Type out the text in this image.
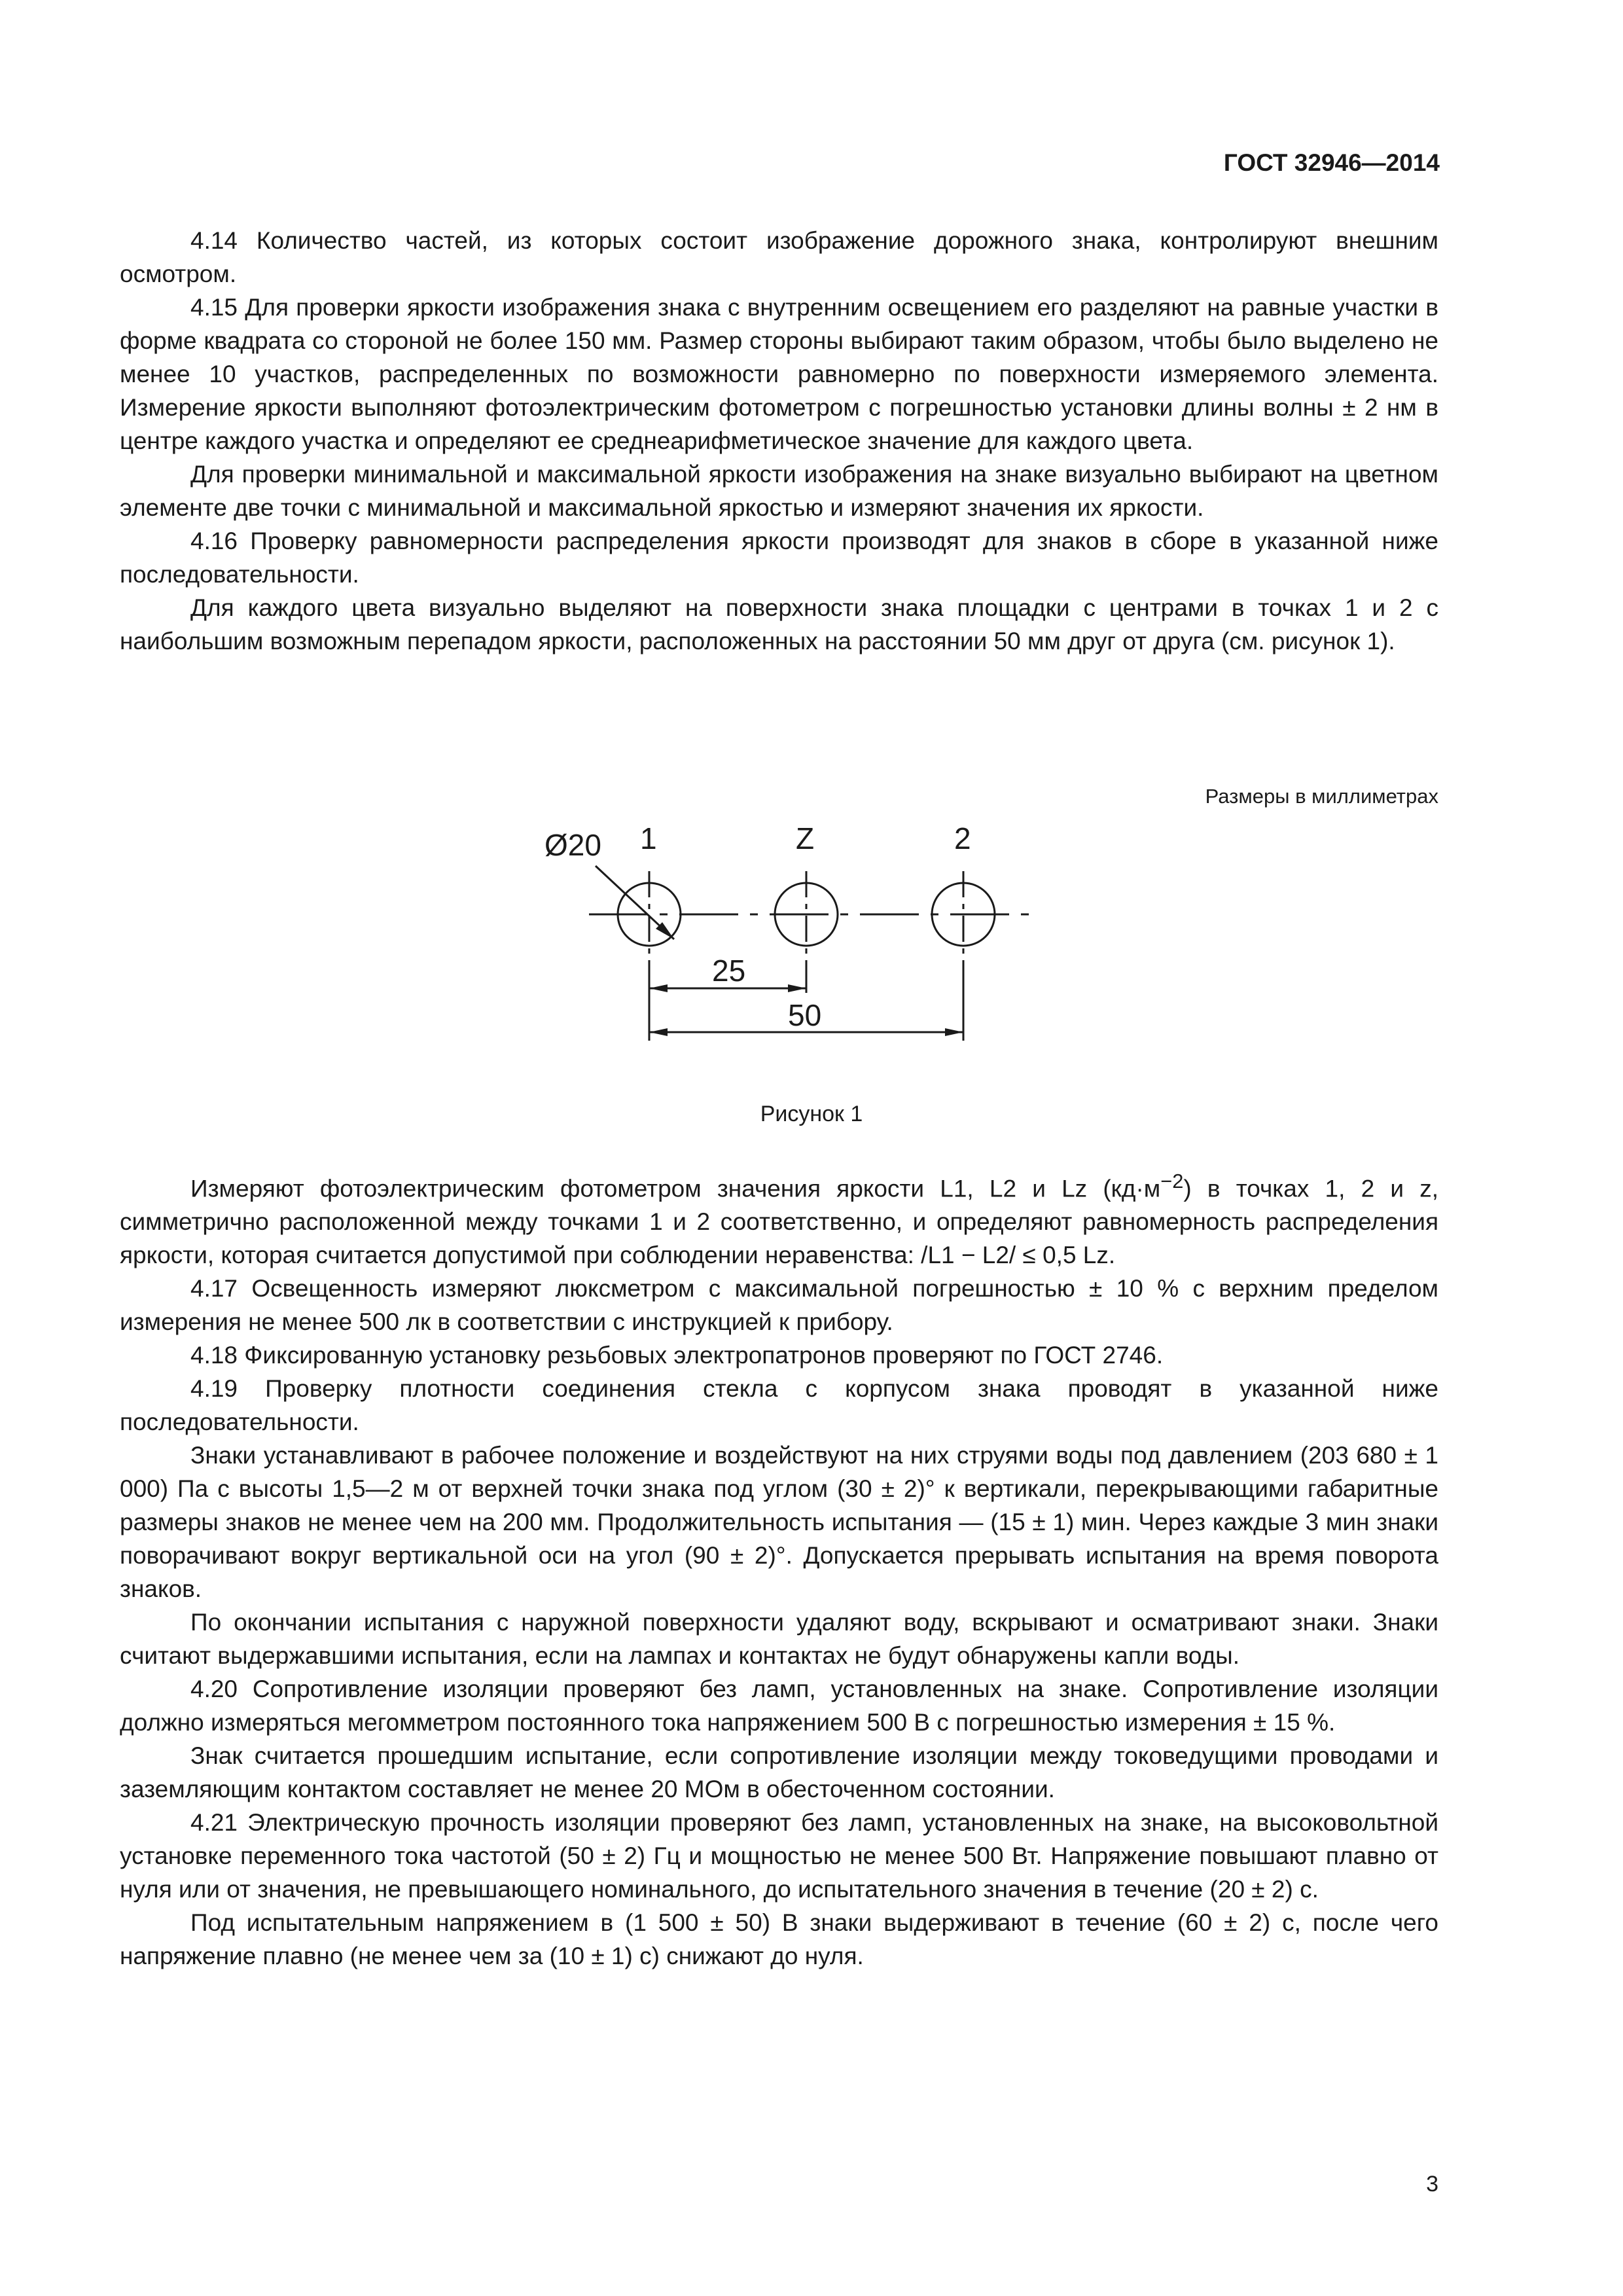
ГОСТ 32946—2014

4.14 Количество частей, из которых состоит изображение дорожного знака, контролируют внешним осмотром.

4.15 Для проверки яркости изображения знака с внутренним освещением его разделяют на равные участки в форме квадрата со стороной не более 150 мм. Размер стороны выбирают таким образом, чтобы было выделено не менее 10 участков, распределенных по возможности равномерно по поверхности измеряемого элемента. Измерение яркости выполняют фотоэлектрическим фотометром с погрешностью установки длины волны ± 2 нм в центре каждого участка и определяют ее среднеарифметическое значение для каждого цвета.

Для проверки минимальной и максимальной яркости изображения на знаке визуально выбирают на цветном элементе две точки с минимальной и максимальной яркостью и измеряют значения их яркости.

4.16 Проверку равномерности распределения яркости производят для знаков в сборе в указанной ниже последовательности.

Для каждого цвета визуально выделяют на поверхности знака площадки с центрами в точках 1 и 2 с наибольшим возможным перепадом яркости, расположенных на расстоянии 50 мм друг от друга (см. рисунок 1).

Размеры в миллиметрах
Ø20 1	Z	2
25
50
Рисунок 1

Измеряют фотоэлектрическим фотометром значения яркости L1, L2 и Lz $(кд\cdot м^{-2})$ в точках 1, 2 и z, симметрично расположенной между точками 1 и 2 соответственно, и определяют равномерность распределения яркости, которая считается допустимой при соблюдении неравенства: /L1 − L2/ ≤ 0,5 Lz.

4.17 Освещенность измеряют люксметром с максимальной погрешностью ± 10 % с верхним пределом измерения не менее 500 лк в соответствии с инструкцией к прибору.

4.18 Фиксированную установку резьбовых электропатронов проверяют по ГОСТ 2746.

4.19 Проверку плотности соединения стекла с корпусом знака проводят в указанной ниже последовательности.

Знаки устанавливают в рабочее положение и воздействуют на них струями воды под давлением (203 680 ± 1 000) Па с высоты 1,5—2 м от верхней точки знака под углом (30 ± 2)° к вертикали, перекрывающими габаритные размеры знаков не менее чем на 200 мм. Продолжительность испытания — (15 ± 1) мин. Через каждые 3 мин знаки поворачивают вокруг вертикальной оси на угол (90 ± 2)°. Допускается прерывать испытания на время поворота знаков.

По окончании испытания с наружной поверхности удаляют воду, вскрывают и осматривают знаки. Знаки считают выдержавшими испытания, если на лампах и контактах не будут обнаружены капли воды.

4.20 Сопротивление изоляции проверяют без ламп, установленных на знаке. Сопротивление изоляции должно измеряться мегомметром постоянного тока напряжением 500 В с погрешностью измерения ± 15 %.

Знак считается прошедшим испытание, если сопротивление изоляции между токоведущими проводами и заземляющим контактом составляет не менее 20 МОм в обесточенном состоянии.

4.21 Электрическую прочность изоляции проверяют без ламп, установленных на знаке, на высоковольтной установке переменного тока частотой (50 ± 2) Гц и мощностью не менее 500 Вт. Напряжение повышают плавно от нуля или от значения, не превышающего номинального, до испытательного значения в течение (20 ± 2) с.

Под испытательным напряжением в (1 500 ± 50) В знаки выдерживают в течение (60 ± 2) с, после чего напряжение плавно (не менее чем за (10 ± 1) с) снижают до нуля.

3
